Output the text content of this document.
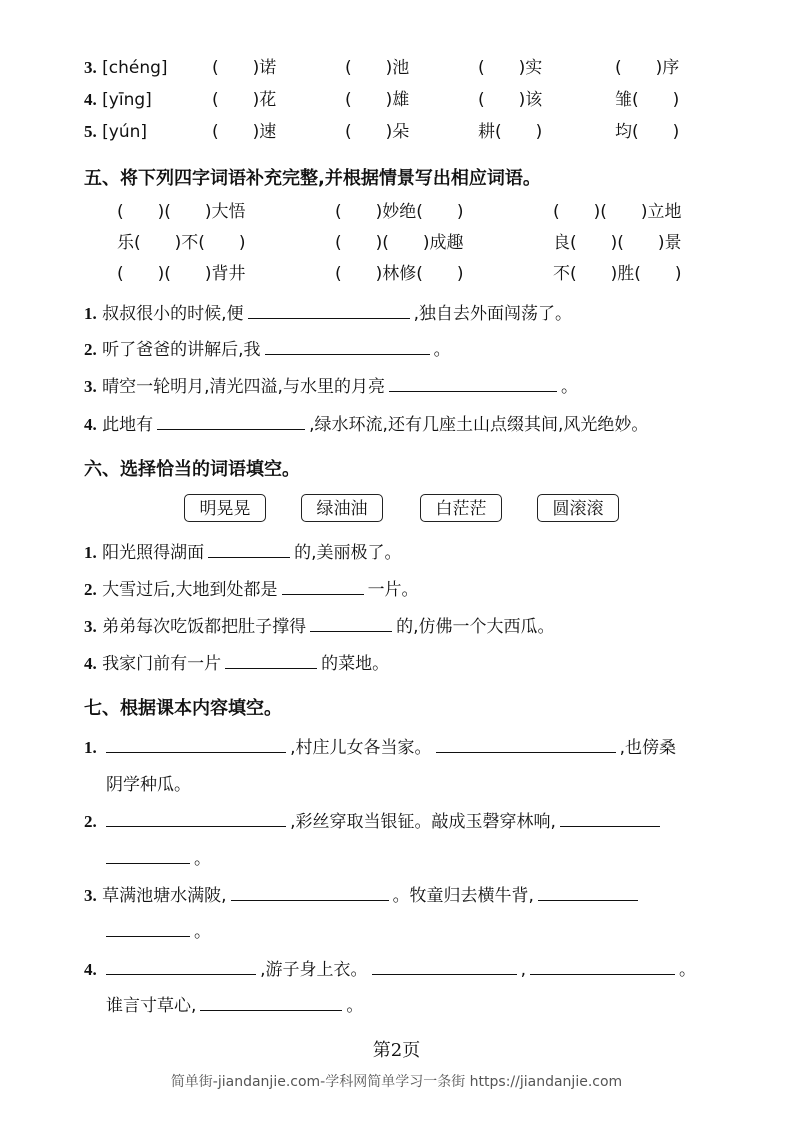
3. [chéng]	(　　)诺	(　　)池	(　　)实	(　　)序
4. [yīng]	(　　)花	(　　)雄	(　　)该	雏(　　)
5. [yún]	(　　)速	(　　)朵	耕(　　)	均(　　)
五、将下列四字词语补充完整,并根据情景写出相应词语。
(　　)(　　)大悟	(　　)妙绝(　　)	(　　)(　　)立地
乐(　　)不(　　)	(　　)(　　)成趣	良(　　)(　　)景
(　　)(　　)背井	(　　)林修(　　)	不(　　)胜(　　)
1. 叔叔很小的时候,便	,独自去外面闯荡了。
2. 听了爸爸的讲解后,我	。
3. 晴空一轮明月,清光四溢,与水里的月亮	。
4. 此地有	,绿水环流,还有几座土山点缀其间,风光绝妙。
六、选择恰当的词语填空。
明晃晃	绿油油	白茫茫	圆滚滚
1. 阳光照得湖面	的,美丽极了。
2. 大雪过后,大地到处都是	一片。
3. 弟弟每次吃饭都把肚子撑得	的,仿佛一个大西瓜。
4. 我家门前有一片	的菜地。
七、根据课本内容填空。
1.	,村庄儿女各当家。	,也傍桑
阴学种瓜。
2.	,彩丝穿取当银钲。敲成玉磬穿林响,
。
3. 草满池塘水满陂,	。牧童归去横牛背,
。
4.	,游子身上衣。	,	。
谁言寸草心,	。
第2页
简单街-jiandanjie.com-学科网简单学习一条街 https://jiandanjie.com
